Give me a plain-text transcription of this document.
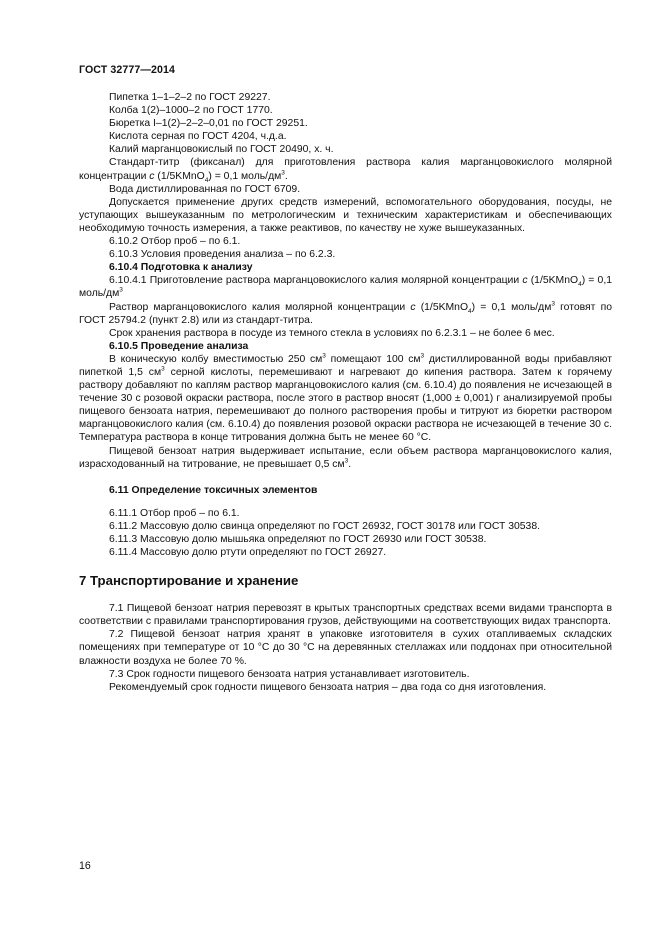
ГОСТ 32777—2014

Пипетка 1–1–2–2 по ГОСТ 29227.

Колба 1(2)–1000–2 по ГОСТ 1770.

Бюретка I–1(2)–2–2–0,01 по ГОСТ 29251.

Кислота серная по ГОСТ 4204, ч.д.а.

Калий марганцовокислый по ГОСТ 20490, х. ч.

Стандарт-титр (фиксанал) для приготовления раствора калия марганцовокислого молярной концентрации c (1/5KMnO$_4$) = 0,1 моль/$дм^3$.

Вода дистиллированная по ГОСТ 6709.

Допускается применение других средств измерений, вспомогательного оборудования, посуды, не уступающих вышеуказанным по метрологическим и техническим характеристикам и обеспечивающих необходимую точность измерения, а также реактивов, по качеству не хуже вышеуказанных.

6.10.2 Отбор проб – по 6.1.

6.10.3 Условия проведения анализа – по 6.2.3.

6.10.4 Подготовка к анализу

6.10.4.1 Приготовление раствора марганцовокислого калия молярной концентрации c (1/5KMnO$_4$) = 0,1 моль/$дм^3$

Раствор марганцовокислого калия молярной концентрации c (1/5KMnO$_4$) = 0,1 моль/$дм^3$ готовят по ГОСТ 25794.2 (пункт 2.8) или из стандарт-титра.

Срок хранения раствора в посуде из темного стекла в условиях по 6.2.3.1 – не более 6 мес.

6.10.5 Проведение анализа

В коническую колбу вместимостью 250 $см^3$ помещают 100 $см^3$ дистиллированной воды прибавляют пипеткой 1,5 $см^3$ серной кислоты, перемешивают и нагревают до кипения раствора. Затем к горячему раствору добавляют по каплям раствор марганцовокислого калия (см. 6.10.4) до появления не исчезающей в течение 30 с розовой окраски раствора, после этого в раствор вносят (1,000 ± 0,001) г анализируемой пробы пищевого бензоата натрия, перемешивают до полного растворения пробы и титруют из бюретки раствором марганцовокислого калия (см. 6.10.4) до появления розовой окраски раствора не исчезающей в течение 30 с. Температура раствора в конце титрования должна быть не менее 60 °С.

Пищевой бензоат натрия выдерживает испытание, если объем раствора марганцовокислого калия, израсходованный на титрование, не превышает 0,5 $см^3$.

6.11 Определение токсичных элементов

6.11.1 Отбор проб – по 6.1.

6.11.2 Массовую долю свинца определяют по ГОСТ 26932, ГОСТ 30178 или ГОСТ 30538.

6.11.3 Массовую долю мышьяка определяют по ГОСТ 26930 или ГОСТ 30538.

6.11.4 Массовую долю ртути определяют по ГОСТ 26927.

7 Транспортирование и хранение

7.1 Пищевой бензоат натрия перевозят в крытых транспортных средствах всеми видами транспорта в соответствии с правилами транспортирования грузов, действующими на соответствующих видах транспорта.

7.2 Пищевой бензоат натрия хранят в упаковке изготовителя в сухих отапливаемых складских помещениях при температуре от 10 °С до 30 °С на деревянных стеллажах или поддонах при относительной влажности воздуха не более 70 %.

7.3 Срок годности пищевого бензоата натрия устанавливает изготовитель.

Рекомендуемый срок годности пищевого бензоата натрия – два года со дня изготовления.

16
